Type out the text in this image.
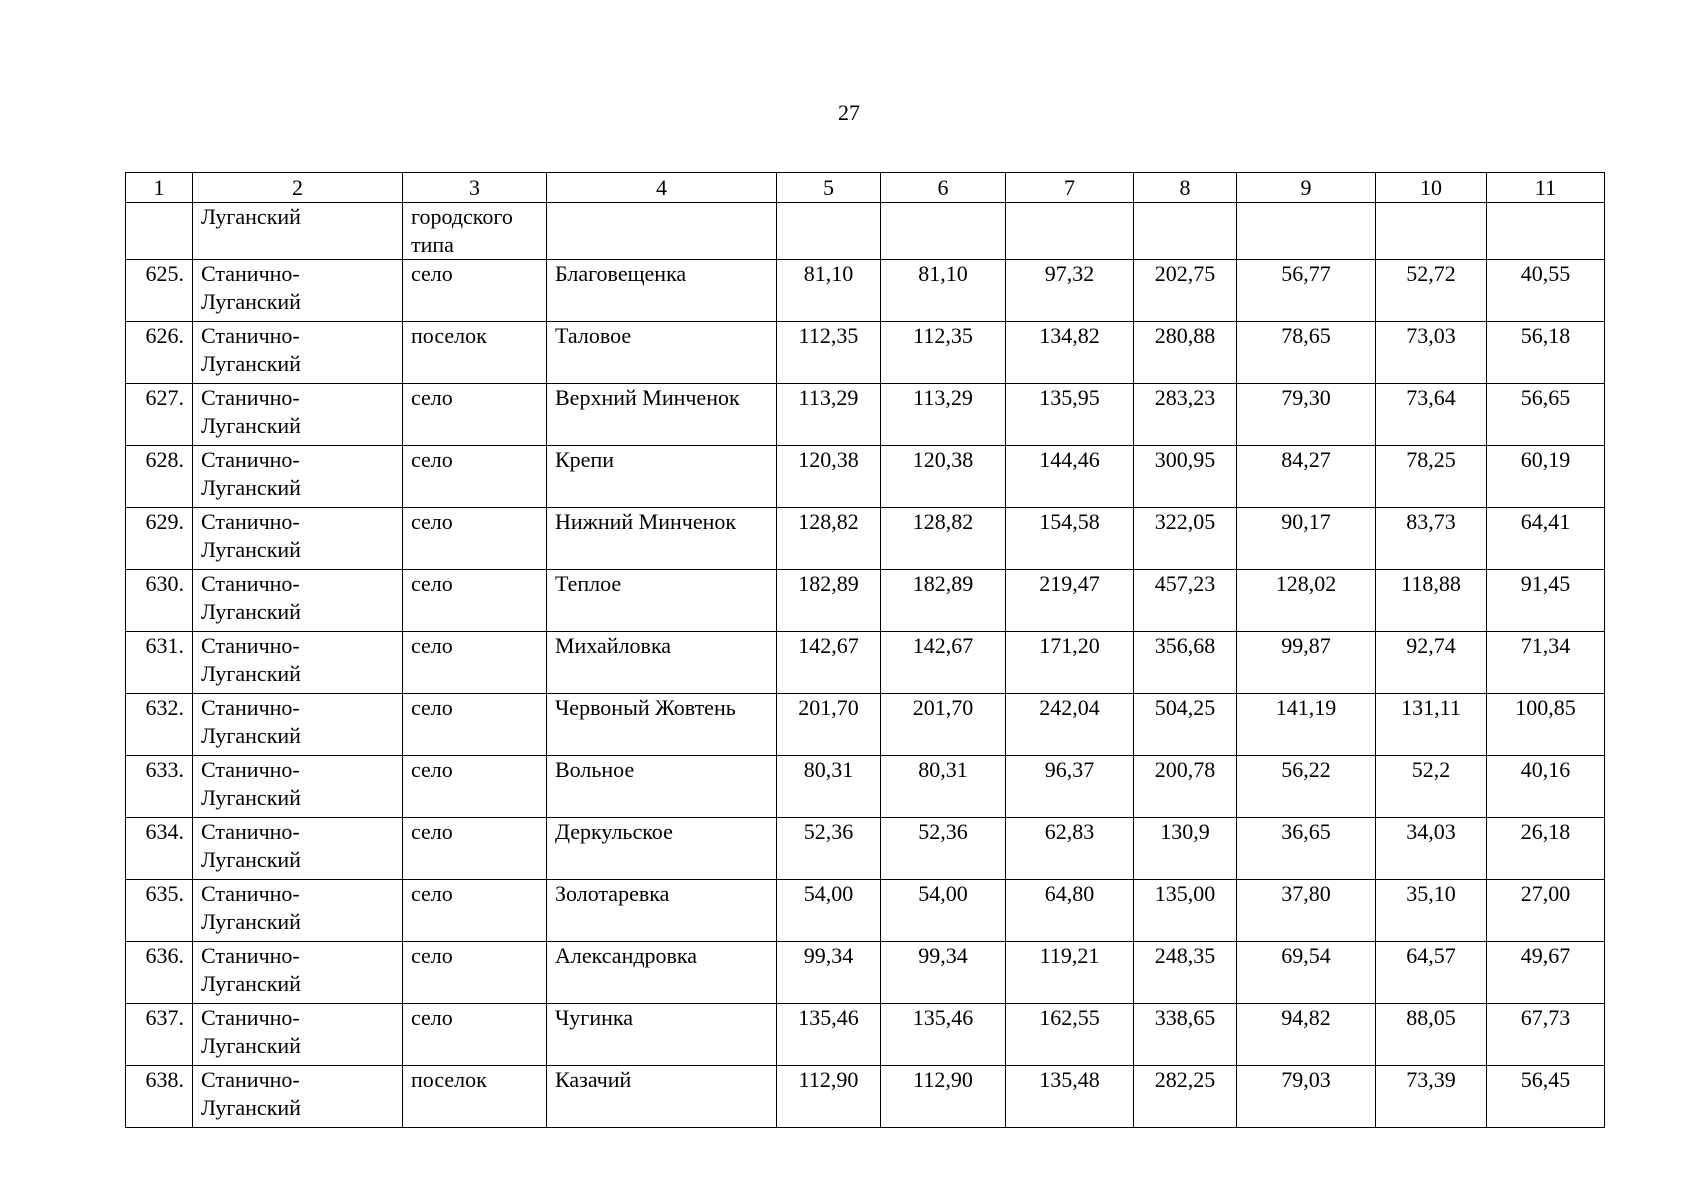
27
1	2	3	4	5	6	7	8	9	10	11
	Луганский	городского типа								
625.	Станично-Луганский	село	Благовещенка	81,10	81,10	97,32	202,75	56,77	52,72	40,55
626.	Станично-Луганский	поселок	Таловое	112,35	112,35	134,82	280,88	78,65	73,03	56,18
627.	Станично-Луганский	село	Верхний Минченок	113,29	113,29	135,95	283,23	79,30	73,64	56,65
628.	Станично-Луганский	село	Крепи	120,38	120,38	144,46	300,95	84,27	78,25	60,19
629.	Станично-Луганский	село	Нижний Минченок	128,82	128,82	154,58	322,05	90,17	83,73	64,41
630.	Станично-Луганский	село	Теплое	182,89	182,89	219,47	457,23	128,02	118,88	91,45
631.	Станично-Луганский	село	Михайловка	142,67	142,67	171,20	356,68	99,87	92,74	71,34
632.	Станично-Луганский	село	Червоный Жовтень	201,70	201,70	242,04	504,25	141,19	131,11	100,85
633.	Станично-Луганский	село	Вольное	80,31	80,31	96,37	200,78	56,22	52,2	40,16
634.	Станично-Луганский	село	Деркульское	52,36	52,36	62,83	130,9	36,65	34,03	26,18
635.	Станично-Луганский	село	Золотаревка	54,00	54,00	64,80	135,00	37,80	35,10	27,00
636.	Станично-Луганский	село	Александровка	99,34	99,34	119,21	248,35	69,54	64,57	49,67
637.	Станично-Луганский	село	Чугинка	135,46	135,46	162,55	338,65	94,82	88,05	67,73
638.	Станично-Луганский	поселок	Казачий	112,90	112,90	135,48	282,25	79,03	73,39	56,45
